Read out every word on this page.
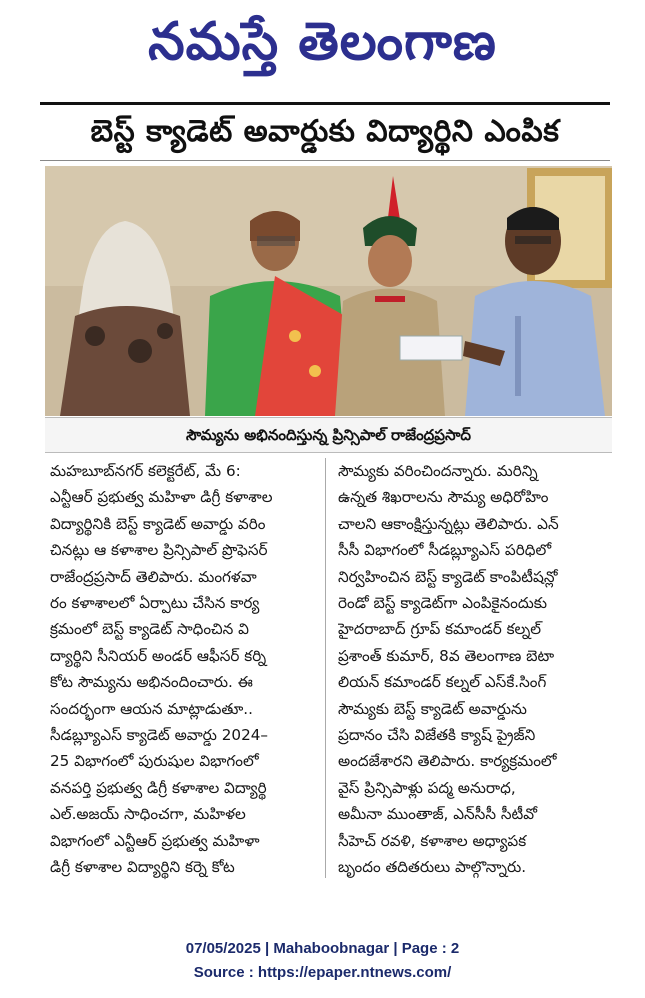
నమస్తే తెలంగాణ
బెస్ట్ క్యాడెట్ అవార్డుకు విద్యార్థిని ఎంపిక
సౌమ్యను అభినందిస్తున్న ప్రిన్సిపాల్ రాజేంద్రప్రసాద్

మహబూబ్‌నగర్ కలెక్టరేట్, మే 6:

ఎన్టీఆర్ ప్రభుత్వ మహిళా డిగ్రీ కళాశాల

విద్యార్థినికి బెస్ట్ క్యాడెట్ అవార్డు వరిం

చినట్లు ఆ కళాశాల ప్రిన్సిపాల్ ప్రొఫెసర్

రాజేంద్రప్రసాద్ తెలిపారు. మంగళవా

రం కళాశాలలో ఏర్పాటు చేసిన కార్య

క్రమంలో బెస్ట్ క్యాడెట్ సాధించిన వి

ద్యార్థిని సీనియర్ అండర్ ఆఫీసర్ కర్ని

కోట సౌమ్యను అభినందించారు. ఈ

సందర్భంగా ఆయన మాట్లాడుతూ..

సీడబ్ల్యూఎస్ క్యాడెట్ అవార్డు 2024–

25 విభాగంలో పురుషుల విభాగంలో

వనపర్తి ప్రభుత్వ డిగ్రీ కళాశాల విద్యార్థి

ఎల్.అజయ్ సాధించగా, మహిళల

విభాగంలో ఎన్టీఆర్ ప్రభుత్వ మహిళా

డిగ్రీ కళాశాల విద్యార్థిని కర్నె కోట

సౌమ్యకు వరించిందన్నారు. మరిన్ని

ఉన్నత శిఖరాలను సౌమ్య అధిరోహిం

చాలని ఆకాంక్షిస్తున్నట్లు తెలిపారు. ఎన్

సీసీ విభాగంలో సీడబ్ల్యూఎస్ పరిధిలో

నిర్వహించిన బెస్ట్ క్యాడెట్ కాంపిటీషన్లో

రెండో బెస్ట్ క్యాడెట్‌గా ఎంపికైనందుకు

హైదరాబాద్ గ్రూప్ కమాండర్ కల్నల్

ప్రశాంత్ కుమార్, 8వ తెలంగాణ బెటా

లియన్ కమాండర్ కల్నల్ ఎస్‌కే.సింగ్

సౌమ్యకు బెస్ట్ క్యాడెట్ అవార్డును

ప్రదానం చేసి విజేతకి క్యాష్ ప్రైజ్‌ని

అందజేశారని తెలిపారు. కార్యక్రమంలో

వైస్ ప్రిన్సిపాళ్లు పద్మ అనురాధ,

అమీనా ముంతాజ్, ఎన్‌సీసీ సీటీవో

సీహెచ్ రవళి, కళాశాల అధ్యాపక

బృందం తదితరులు పాల్గొన్నారు.

07/05/2025 | Mahaboobnagar | Page : 2
Source : https://epaper.ntnews.com/
